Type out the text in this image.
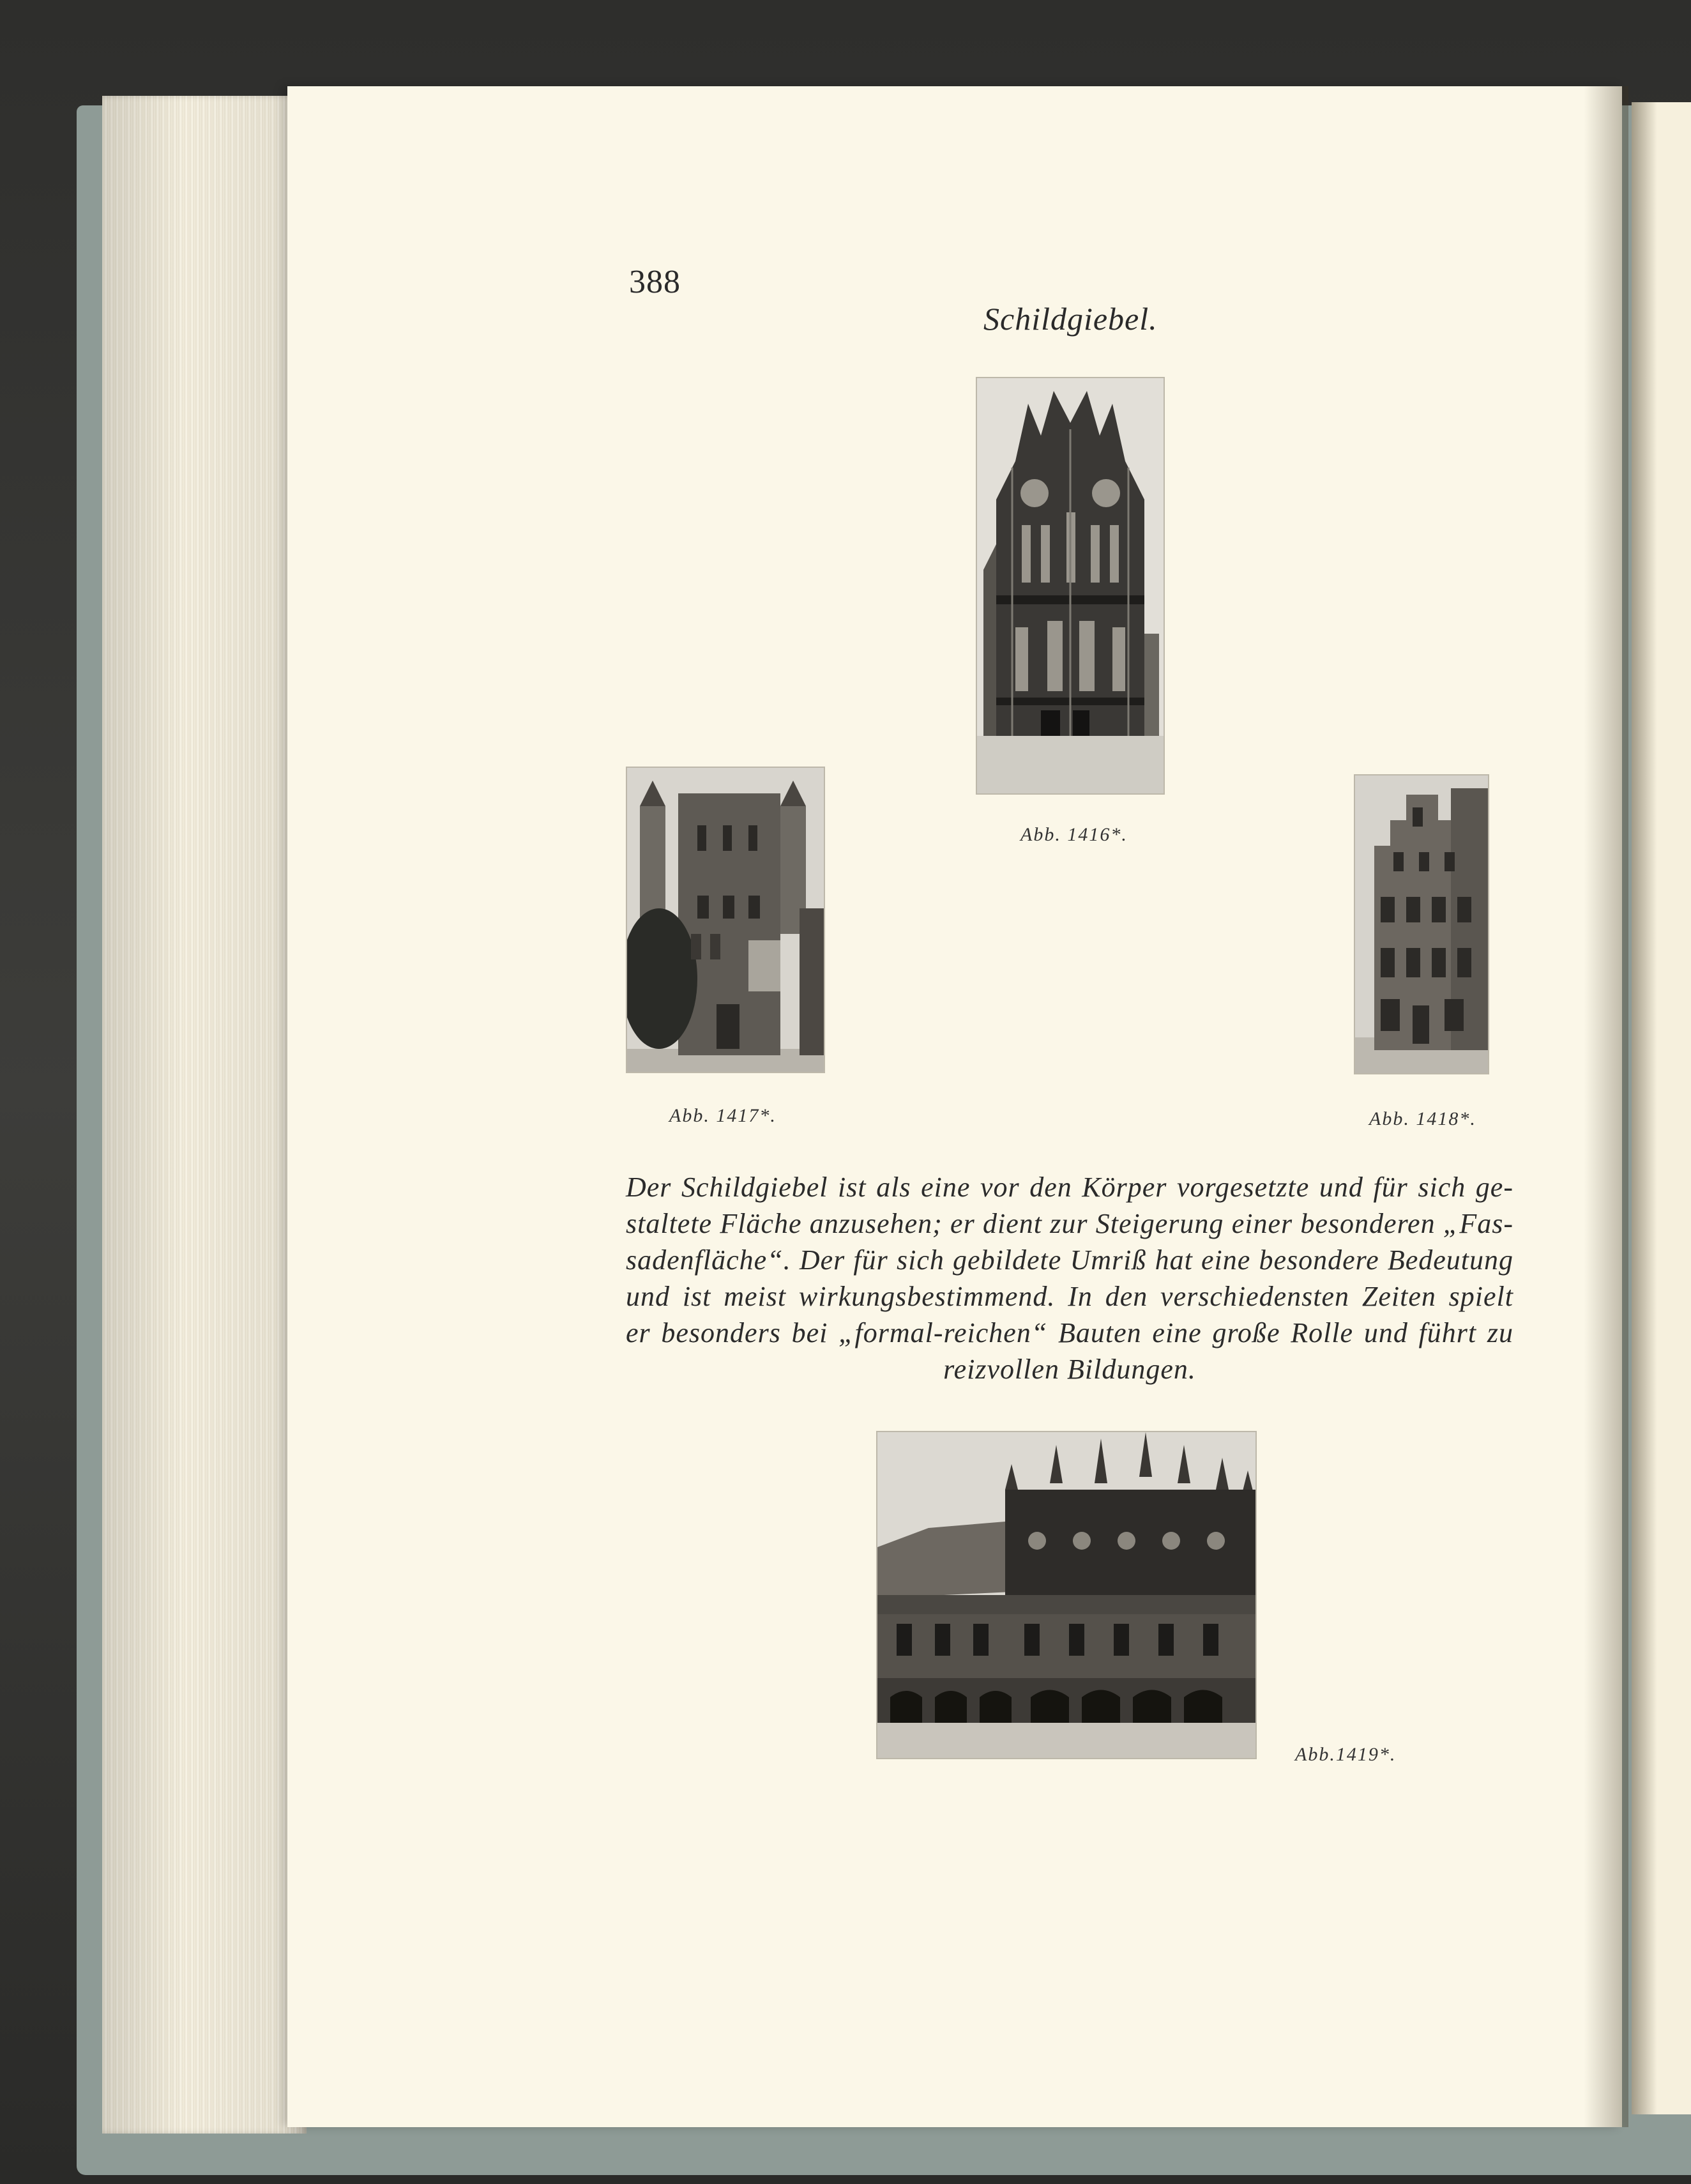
388
Schildgiebel.
Abb. 1416*.
Abb. 1417*.	Abb. 1418*.
Der Schildgiebel ist als eine vor den Körper vorgesetzte und für sich ge-
staltete Fläche anzusehen; er dient zur Steigerung einer besonderen „Fas-
sadenfläche“. Der für sich gebildete Umriß hat eine besondere Bedeutung
und ist meist wirkungsbestimmend. In den verschiedensten Zeiten spielt
er besonders bei „formal-reichen“ Bauten eine große Rolle und führt zu
reizvollen Bildungen.
Abb.1419*.
